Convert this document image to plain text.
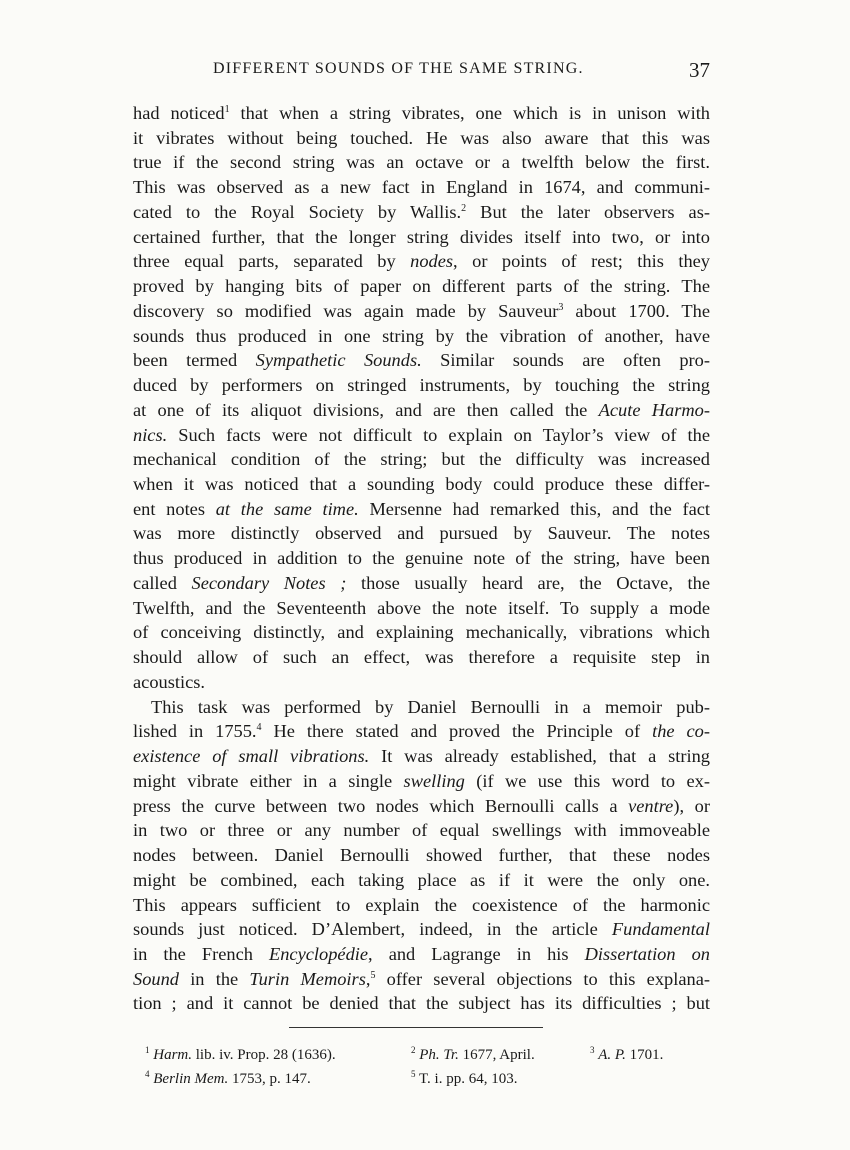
DIFFERENT SOUNDS OF THE SAME STRING.	37
had noticed$^1$ that when a string vibrates, one which is in unison with
it vibrates without being touched. He was also aware that this was
true if the second string was an octave or a twelfth below the first.
This was observed as a new fact in England in 1674, and communi-
cated to the Royal Society by Wallis.$^2$ But the later observers as-
certained further, that the longer string divides itself into two, or into
three equal parts, separated by nodes, or points of rest; this they
proved by hanging bits of paper on different parts of the string. The
discovery so modified was again made by Sauveur$^3$ about 1700. The
sounds thus produced in one string by the vibration of another, have
been termed Sympathetic Sounds. Similar sounds are often pro-
duced by performers on stringed instruments, by touching the string
at one of its aliquot divisions, and are then called the Acute Harmo-
nics. Such facts were not difficult to explain on Taylor’s view of the
mechanical condition of the string; but the difficulty was increased
when it was noticed that a sounding body could produce these differ-
ent notes at the same time. Mersenne had remarked this, and the fact
was more distinctly observed and pursued by Sauveur. The notes
thus produced in addition to the genuine note of the string, have been
called Secondary Notes ; those usually heard are, the Octave, the
Twelfth, and the Seventeenth above the note itself. To supply a mode
of conceiving distinctly, and explaining mechanically, vibrations which
should allow of such an effect, was therefore a requisite step in
acoustics.
This task was performed by Daniel Bernoulli in a memoir pub-
lished in 1755.$^4$ He there stated and proved the Principle of the co-
existence of small vibrations. It was already established, that a string
might vibrate either in a single swelling (if we use this word to ex-
press the curve between two nodes which Bernoulli calls a ventre), or
in two or three or any number of equal swellings with immoveable
nodes between. Daniel Bernoulli showed further, that these nodes
might be combined, each taking place as if it were the only one.
This appears sufficient to explain the coexistence of the harmonic
sounds just noticed. D’Alembert, indeed, in the article Fundamental
in the French Encyclopédie, and Lagrange in his Dissertation on
Sound in the Turin Memoirs,$^5$ offer several objections to this explana-
tion ; and it cannot be denied that the subject has its difficulties ; but
$^1$ Harm. lib. iv. Prop. 28 (1636).	$^2$ Ph. Tr. 1677, April.	$^3$ A. P. 1701.
$^4$ Berlin Mem. 1753, p. 147.	$^5$ T. i. pp. 64, 103.
